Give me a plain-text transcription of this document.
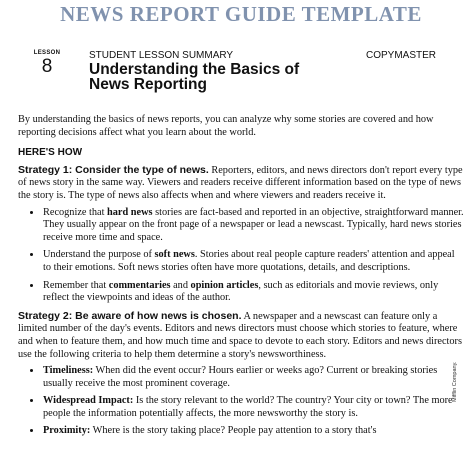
NEWS REPORT GUIDE TEMPLATE
LESSON
8
STUDENT LESSON SUMMARY	COPYMASTER
Understanding the Basics of
News Reporting

By understanding the basics of news reports, you can analyze why some stories are covered and how reporting decisions affect what you learn about the world.

HERE'S HOW

Strategy 1: Consider the type of news. Reporters, editors, and news directors don't report every type of news story in the same way. Viewers and readers receive different information based on the type of news the story is. The type of news also affects when and where viewers and readers receive it.

• Recognize that hard news stories are fact-based and reported in an objective, straightforward manner. They usually appear on the front page of a newspaper or lead a newscast. Typically, hard news stories receive more time and space.
• Understand the purpose of soft news. Stories about real people capture readers' attention and appeal to their emotions. Soft news stories often have more quotations, details, and descriptions.
• Remember that commentaries and opinion articles, such as editorials and movie reviews, only reflect the viewpoints and ideas of the author.

Strategy 2: Be aware of how news is chosen. A newspaper and a newscast can feature only a limited number of the day's events. Editors and news directors must choose which stories to feature, where and when to feature them, and how much time and space to devote to each story. Editors and news directors use the following criteria to help them determine a story's newsworthiness.

• Timeliness: When did the event occur? Hours earlier or weeks ago? Current or breaking stories usually receive the most prominent coverage.
• Widespread Impact: Is the story relevant to the world? The country? Your city or town? The more people the information potentially affects, the more newsworthy the story is.
• Proximity: Where is the story taking place? People pay attention to a story that's
Mifflin Company.
